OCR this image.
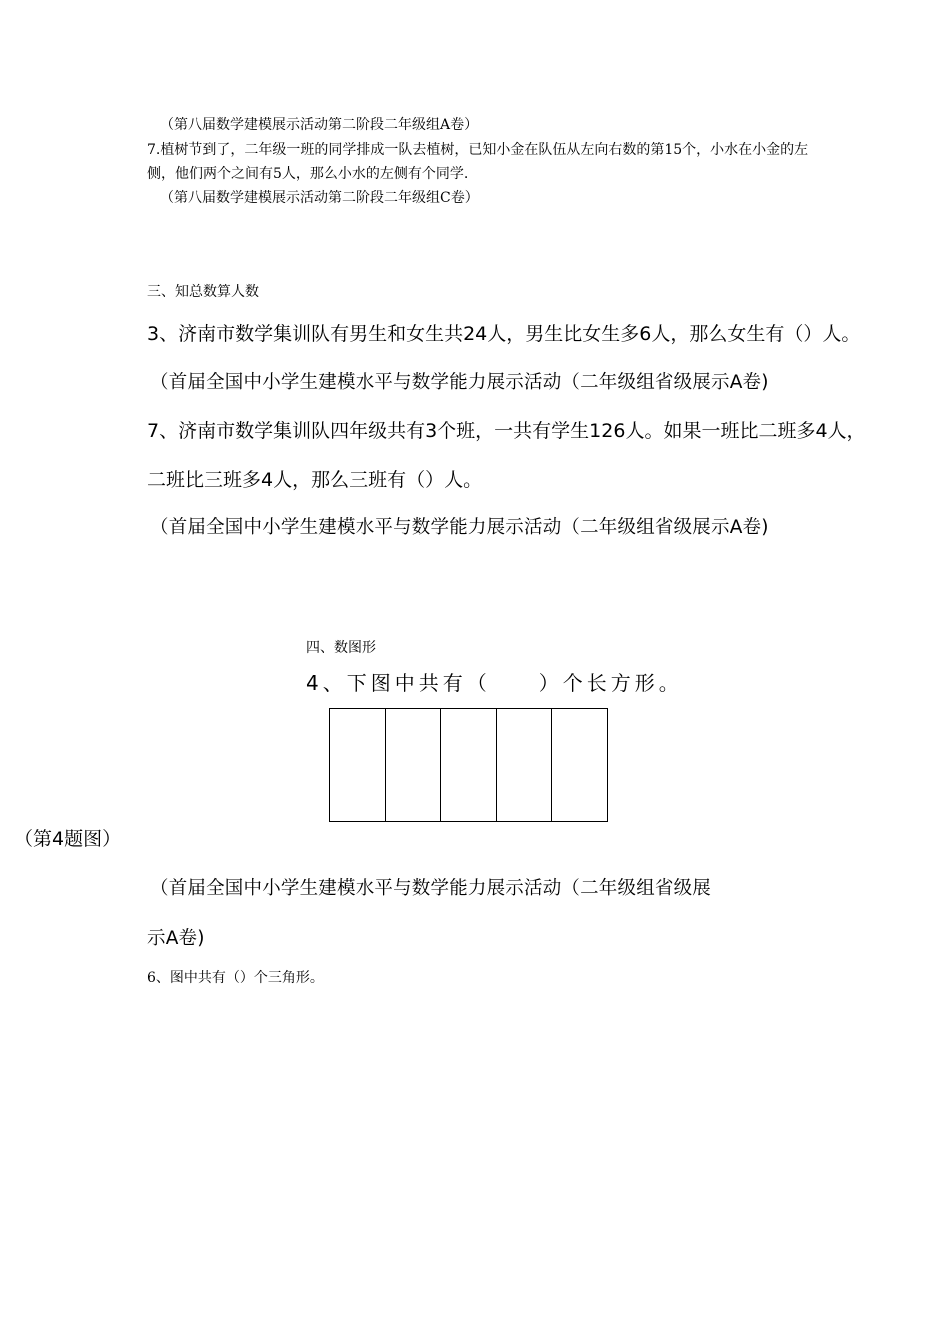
（第八届数学建模展示活动第二阶段二年级组A卷）
7.植树节到了，二年级一班的同学排成一队去植树，已知小金在队伍从左向右数的第15个，小水在小金的左
侧，他们两个之间有5人，那么小水的左侧有个同学.
（第八届数学建模展示活动第二阶段二年级组C卷）
三、知总数算人数
3、济南市数学集训队有男生和女生共24人，男生比女生多6人，那么女生有（）人。
（首届全国中小学生建模水平与数学能力展示活动（二年级组省级展示A卷)
7、济南市数学集训队四年级共有3个班，一共有学生126人。如果一班比二班多4人，
二班比三班多4人，那么三班有（）人。
（首届全国中小学生建模水平与数学能力展示活动（二年级组省级展示A卷)
四、数图形
4、下图中共有（　　）个长方形。
（第4题图）
（首届全国中小学生建模水平与数学能力展示活动（二年级组省级展
示A卷)
6、图中共有（）个三角形。
